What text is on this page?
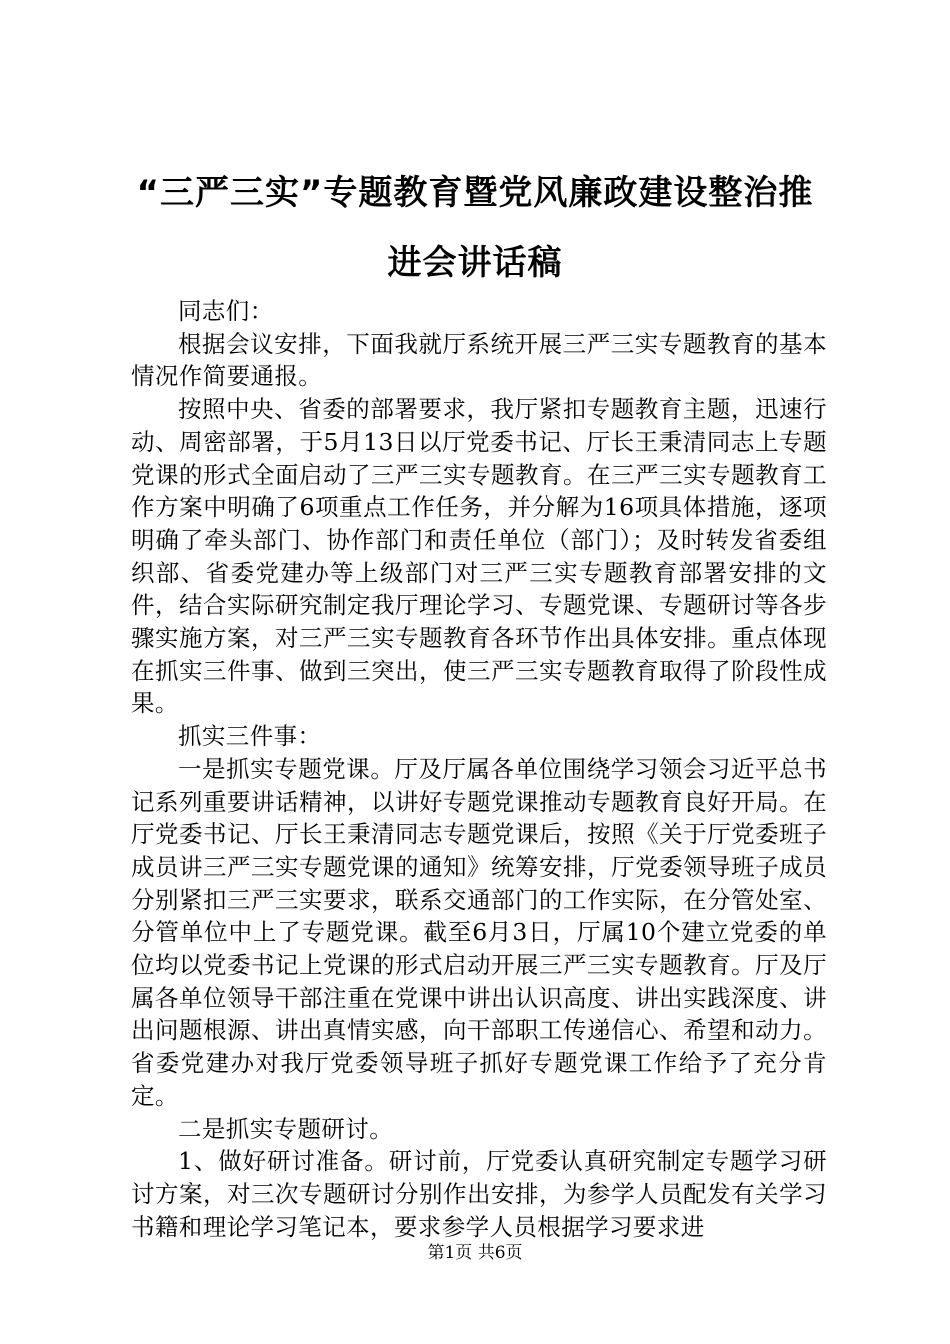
“三严三实”专题教育暨党风廉政建设整治推进会讲话稿

同志们：

根据会议安排，下面我就厅系统开展三严三实专题教育的基本情况作简要通报。

按照中央、省委的部署要求，我厅紧扣专题教育主题，迅速行动、周密部署，于5月13日以厅党委书记、厅长王秉清同志上专题党课的形式全面启动了三严三实专题教育。在三严三实专题教育工作方案中明确了6项重点工作任务，并分解为16项具体措施，逐项明确了牵头部门、协作部门和责任单位（部门）；及时转发省委组织部、省委党建办等上级部门对三严三实专题教育部署安排的文件，结合实际研究制定我厅理论学习、专题党课、专题研讨等各步骤实施方案，对三严三实专题教育各环节作出具体安排。重点体现在抓实三件事、做到三突出，使三严三实专题教育取得了阶段性成果。

抓实三件事：

一是抓实专题党课。厅及厅属各单位围绕学习领会习近平总书记系列重要讲话精神，以讲好专题党课推动专题教育良好开局。在厅党委书记、厅长王秉清同志专题党课后，按照《关于厅党委班子成员讲三严三实专题党课的通知》统筹安排，厅党委领导班子成员分别紧扣三严三实要求，联系交通部门的工作实际，在分管处室、分管单位中上了专题党课。截至6月3日，厅属10个建立党委的单位均以党委书记上党课的形式启动开展三严三实专题教育。厅及厅属各单位领导干部注重在党课中讲出认识高度、讲出实践深度、讲出问题根源、讲出真情实感，向干部职工传递信心、希望和动力。省委党建办对我厅党委领导班子抓好专题党课工作给予了充分肯定。

二是抓实专题研讨。

1、做好研讨准备。研讨前，厅党委认真研究制定专题学习研讨方案，对三次专题研讨分别作出安排，为参学人员配发有关学习书籍和理论学习笔记本，要求参学人员根据学习要求进

第1页 共6页
